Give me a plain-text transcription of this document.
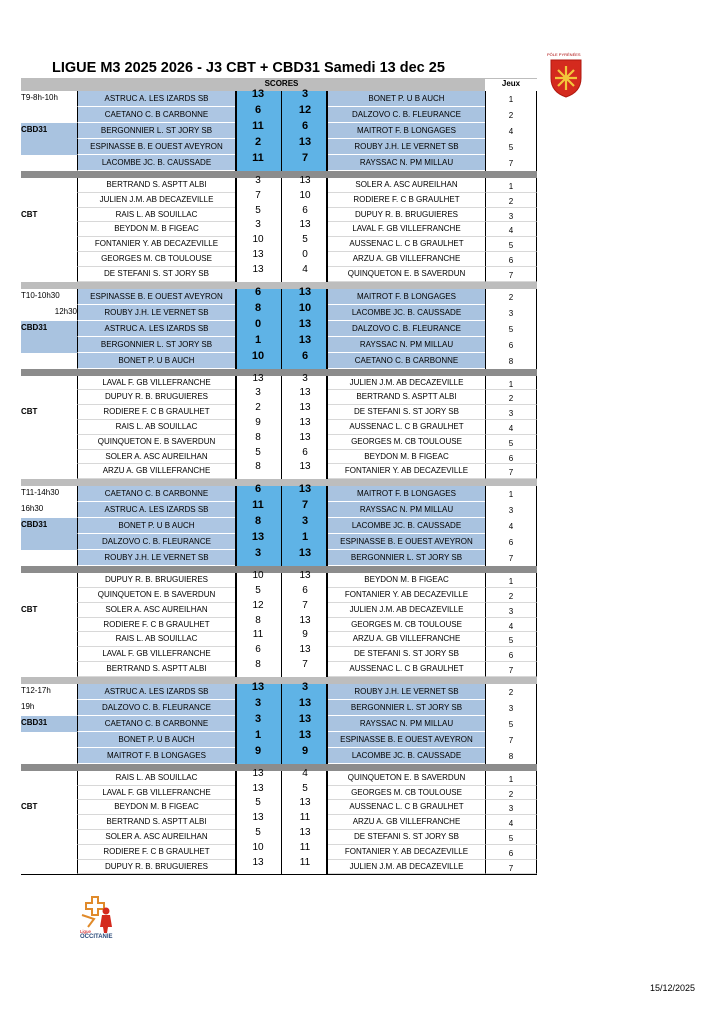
LIGUE M3 2025 2026 - J3 CBT + CBD31 Samedi 13 dec 25
PÔLE PYRÉNÉES
SCORES	Jeux
T9-8h-10h	ASTRUC A. LES IZARDS SB	13	3	BONET P. U B AUCH	1
CAETANO C. B CARBONNE	6	12	DALZOVO C. B. FLEURANCE	2
CBD31	BERGONNIER L. ST JORY SB	11	6	MAITROT F. B LONGAGES	4
ESPINASSE B. E OUEST AVEYRON	2	13	ROUBY J.H. LE VERNET SB	5
LACOMBE JC. B. CAUSSADE	11	7	RAYSSAC N. PM MILLAU	7
BERTRAND S. ASPTT ALBI	3	13	SOLER A. ASC AUREILHAN	1
JULIEN J.M. AB DECAZEVILLE	7	10	RODIERE F. C B GRAULHET	2
CBT	RAIS L. AB SOUILLAC	5	6	DUPUY R. B. BRUGUIERES	3
BEYDON M. B FIGEAC	3	13	LAVAL F. GB VILLEFRANCHE	4
FONTANIER Y. AB DECAZEVILLE	10	5	AUSSENAC L. C B GRAULHET	5
GEORGES M. CB TOULOUSE	13	0	ARZU A. GB VILLEFRANCHE	6
DE STEFANI S. ST JORY SB	13	4	QUINQUETON E. B SAVERDUN	7
T10-10h30	ESPINASSE B. E OUEST AVEYRON	6	13	MAITROT F. B LONGAGES	2
12h30	ROUBY J.H. LE VERNET SB	8	10	LACOMBE JC. B. CAUSSADE	3
CBD31	ASTRUC A. LES IZARDS SB	0	13	DALZOVO C. B. FLEURANCE	5
BERGONNIER L. ST JORY SB	1	13	RAYSSAC N. PM MILLAU	6
BONET P. U B AUCH	10	6	CAETANO C. B CARBONNE	8
LAVAL F. GB VILLEFRANCHE	13	3	JULIEN J.M. AB DECAZEVILLE	1
DUPUY R. B. BRUGUIERES	3	13	BERTRAND S. ASPTT ALBI	2
CBT	RODIERE F. C B GRAULHET	2	13	DE STEFANI S. ST JORY SB	3
RAIS L. AB SOUILLAC	9	13	AUSSENAC L. C B GRAULHET	4
QUINQUETON E. B SAVERDUN	8	13	GEORGES M. CB TOULOUSE	5
SOLER A. ASC AUREILHAN	5	6	BEYDON M. B FIGEAC	6
ARZU A. GB VILLEFRANCHE	8	13	FONTANIER Y. AB DECAZEVILLE	7
T11-14h30	CAETANO C. B CARBONNE	6	13	MAITROT F. B LONGAGES	1
16h30	ASTRUC A. LES IZARDS SB	11	7	RAYSSAC N. PM MILLAU	3
CBD31	BONET P. U B AUCH	8	3	LACOMBE JC. B. CAUSSADE	4
DALZOVO C. B. FLEURANCE	13	1	ESPINASSE B. E OUEST AVEYRON	6
ROUBY J.H. LE VERNET SB	3	13	BERGONNIER L. ST JORY SB	7
DUPUY R. B. BRUGUIERES	10	13	BEYDON M. B FIGEAC	1
QUINQUETON E. B SAVERDUN	5	6	FONTANIER Y. AB DECAZEVILLE	2
CBT	SOLER A. ASC AUREILHAN	12	7	JULIEN J.M. AB DECAZEVILLE	3
RODIERE F. C B GRAULHET	8	13	GEORGES M. CB TOULOUSE	4
RAIS L. AB SOUILLAC	11	9	ARZU A. GB VILLEFRANCHE	5
LAVAL F. GB VILLEFRANCHE	6	13	DE STEFANI S. ST JORY SB	6
BERTRAND S. ASPTT ALBI	8	7	AUSSENAC L. C B GRAULHET	7
T12-17h	ASTRUC A. LES IZARDS SB	13	3	ROUBY J.H. LE VERNET SB	2
19h	DALZOVO C. B. FLEURANCE	3	13	BERGONNIER L. ST JORY SB	3
CBD31	CAETANO C. B CARBONNE	3	13	RAYSSAC N. PM MILLAU	5
BONET P. U B AUCH	1	13	ESPINASSE B. E OUEST AVEYRON	7
MAITROT F. B LONGAGES	9	9	LACOMBE JC. B. CAUSSADE	8
RAIS L. AB SOUILLAC	13	4	QUINQUETON E. B SAVERDUN	1
LAVAL F. GB VILLEFRANCHE	13	5	GEORGES M. CB TOULOUSE	2
CBT	BEYDON M. B FIGEAC	5	13	AUSSENAC L. C B GRAULHET	3
BERTRAND S. ASPTT ALBI	13	11	ARZU A. GB VILLEFRANCHE	4
SOLER A. ASC AUREILHAN	5	13	DE STEFANI S. ST JORY SB	5
RODIERE F. C B GRAULHET	10	11	FONTANIER Y. AB DECAZEVILLE	6
DUPUY R. B. BRUGUIERES	13	11	JULIEN J.M. AB DECAZEVILLE	7
Ligue
OCCITANIE
15/12/2025
